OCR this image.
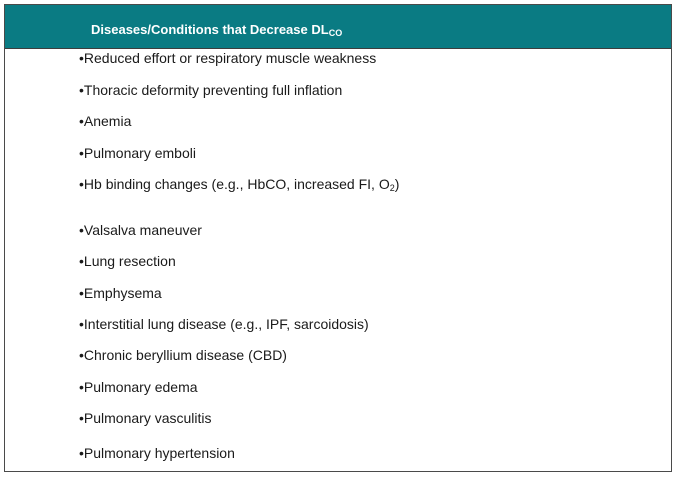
Diseases/Conditions that Decrease $DL_{CO}$
•Reduced effort or respiratory muscle weakness
•Thoracic deformity preventing full inflation
•Anemia
•Pulmonary emboli
•Hb binding changes (e.g., HbCO, increased FI, $O_2$)
•Valsalva maneuver
•Lung resection
•Emphysema
•Interstitial lung disease (e.g., IPF, sarcoidosis)
•Chronic beryllium disease (CBD)
•Pulmonary edema
•Pulmonary vasculitis
•Pulmonary hypertension
